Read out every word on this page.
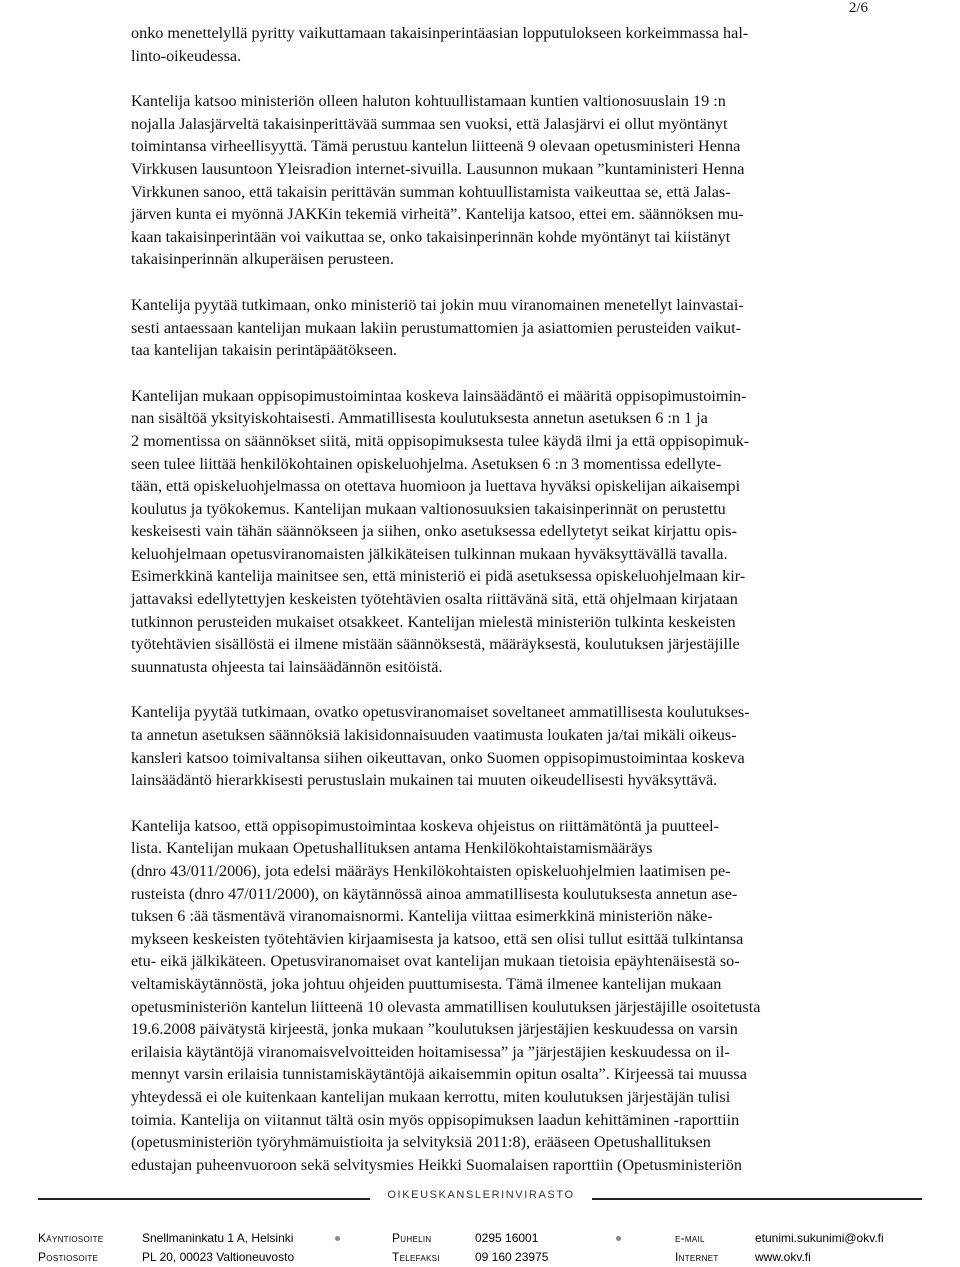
2/6

onko menettelyllä pyritty vaikuttamaan takaisinperintäasian lopputulokseen korkeimmassa hal-
linto-oikeudessa.

Kantelija katsoo ministeriön olleen haluton kohtuullistamaan kuntien valtionosuuslain 19 :n
nojalla Jalasjärveltä takaisinperittävää summaa sen vuoksi, että Jalasjärvi ei ollut myöntänyt
toimintansa virheellisyyttä. Tämä perustuu kantelun liitteenä 9 olevaan opetusministeri Henna
Virkkusen lausuntoon Yleisradion internet-sivuilla. Lausunnon mukaan ”kuntaministeri Henna
Virkkunen sanoo, että takaisin perittävän summan kohtuullistamista vaikeuttaa se, että Jalas-
järven kunta ei myönnä JAKKin tekemiä virheitä”. Kantelija katsoo, ettei em. säännöksen mu-
kaan takaisinperintään voi vaikuttaa se, onko takaisinperinnän kohde myöntänyt tai kiistänyt
takaisinperinnän alkuperäisen perusteen.

Kantelija pyytää tutkimaan, onko ministeriö tai jokin muu viranomainen menetellyt lainvastai-
sesti antaessaan kantelijan mukaan lakiin perustumattomien ja asiattomien perusteiden vaikut-
taa kantelijan takaisin perintäpäätökseen.

Kantelijan mukaan oppisopimustoimintaa koskeva lainsäädäntö ei määritä oppisopimustoimin-
nan sisältöä yksityiskohtaisesti. Ammatillisesta koulutuksesta annetun asetuksen 6 :n 1 ja
2 momentissa on säännökset siitä, mitä oppisopimuksesta tulee käydä ilmi ja että oppisopimuk-
seen tulee liittää henkilökohtainen opiskeluohjelma. Asetuksen 6 :n 3 momentissa edellyte-
tään, että opiskeluohjelmassa on otettava huomioon ja luettava hyväksi opiskelijan aikaisempi
koulutus ja työkokemus. Kantelijan mukaan valtionosuuksien takaisinperinnät on perustettu
keskeisesti vain tähän säännökseen ja siihen, onko asetuksessa edellytetyt seikat kirjattu opis-
keluohjelmaan opetusviranomaisten jälkikäteisen tulkinnan mukaan hyväksyttävällä tavalla.
Esimerkkinä kantelija mainitsee sen, että ministeriö ei pidä asetuksessa opiskeluohjelmaan kir-
jattavaksi edellytettyjen keskeisten työtehtävien osalta riittävänä sitä, että ohjelmaan kirjataan
tutkinnon perusteiden mukaiset otsakkeet. Kantelijan mielestä ministeriön tulkinta keskeisten
työtehtävien sisällöstä ei ilmene mistään säännöksestä, määräyksestä, koulutuksen järjestäjille
suunnatusta ohjeesta tai lainsäädännön esitöistä.

Kantelija pyytää tutkimaan, ovatko opetusviranomaiset soveltaneet ammatillisesta koulutukses-
ta annetun asetuksen säännöksiä lakisidonnaisuuden vaatimusta loukaten ja/tai mikäli oikeus-
kansleri katsoo toimivaltansa siihen oikeuttavan, onko Suomen oppisopimustoimintaa koskeva
lainsäädäntö hierarkkisesti perustuslain mukainen tai muuten oikeudellisesti hyväksyttävä.

Kantelija katsoo, että oppisopimustoimintaa koskeva ohjeistus on riittämätöntä ja puutteel-
lista. Kantelijan mukaan Opetushallituksen antama Henkilökohtaistamismääräys
(dnro 43/011/2006), jota edelsi määräys Henkilökohtaisten opiskeluohjelmien laatimisen pe-
rusteista (dnro 47/011/2000), on käytännössä ainoa ammatillisesta koulutuksesta annetun ase-
tuksen 6 :ää täsmentävä viranomaisnormi. Kantelija viittaa esimerkkinä ministeriön näke-
mykseen keskeisten työtehtävien kirjaamisesta ja katsoo, että sen olisi tullut esittää tulkintansa
etu- eikä jälkikäteen. Opetusviranomaiset ovat kantelijan mukaan tietoisia epäyhtenäisestä so-
veltamiskäytännöstä, joka johtuu ohjeiden puuttumisesta. Tämä ilmenee kantelijan mukaan
opetusministeriön kantelun liitteenä 10 olevasta ammatillisen koulutuksen järjestäjille osoitetusta
19.6.2008 päivätystä kirjeestä, jonka mukaan ”koulutuksen järjestäjien keskuudessa on varsin
erilaisia käytäntöjä viranomaisvelvoitteiden hoitamisessa” ja ”järjestäjien keskuudessa on il-
mennyt varsin erilaisia tunnistamiskäytäntöjä aikaisemmin opitun osalta”. Kirjeessä tai muussa
yhteydessä ei ole kuitenkaan kantelijan mukaan kerrottu, miten koulutuksen järjestäjän tulisi
toimia. Kantelija on viitannut tältä osin myös oppisopimuksen laadun kehittäminen -raporttiin
(opetusministeriön työryhmämuistioita ja selvityksiä 2011:8), erääseen Opetushallituksen
edustajan puheenvuoroon sekä selvitysmies Heikki Suomalaisen raporttiin (Opetusministeriön

OIKEUSKANSLERINVIRASTO
Käyntiosoite	Snellmaninkatu 1 A, Helsinki	Puhelin	0295 16001	e-mail	etunimi.sukunimi@okv.fi
Postiosoite	PL 20, 00023 Valtioneuvosto	Telefaksi	09 160 23975	Internet	www.okv.fi
